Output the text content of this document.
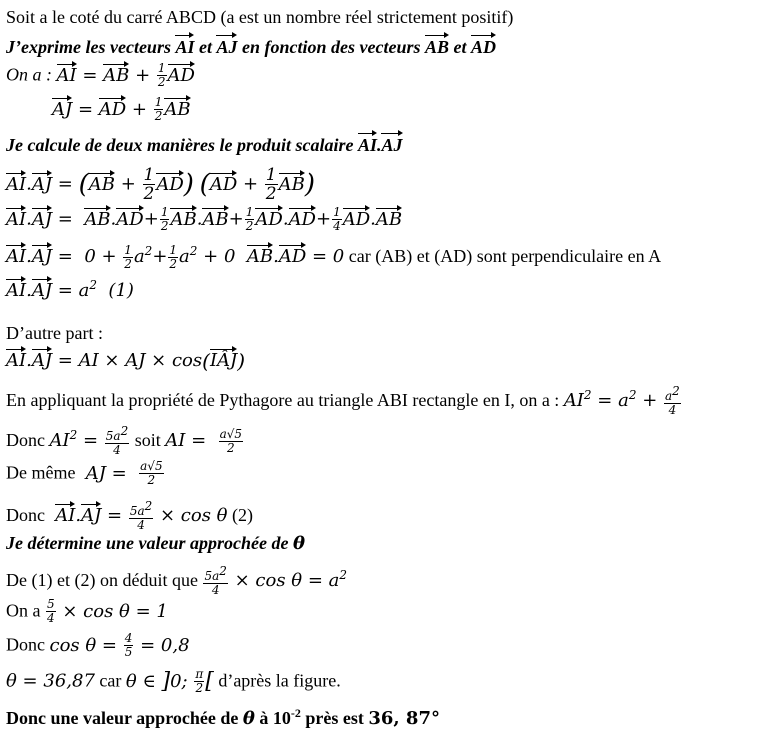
Soit a le coté du carré ABCD (a est un nombre réel strictement positif)
J’exprime les vecteurs AI et AJ en fonction des vecteurs AB et AD
On a : AI = AB + $\frac{1}{2}$ AD
AJ = AD + $\frac{1}{2}$ AB
Je calcule de deux manières le produit scalaire AI.AJ
$AI.AJ = (AB + \frac{1}{2} AD)$ $(AD + \frac{1}{2} AB)$
$AI.AJ = AB.AD+ \frac{1}{2} AB.AB+ \frac{1}{2} AD.AD+ \frac{1}{4} AD.AB$
$AI.AJ = 0 + \frac{1}{2} a^2+ \frac{1}{2} a^2 + 0$ AB.AD = 0 car (AB) et (AD) sont perpendiculaire en A
$AI.AJ = a^2$ (1)
D’autre part :
AI.AJ = AI × AJ × cos(IÂJ)
En appliquant la propriété de Pythagore au triangle ABI rectangle en I, on a : $AI^2 = a^2 + \frac{a^2}{4}$
Donc $AI^2 = \frac{5a^2}{4}$ soit AI = $\frac{a√5}{2}$
De même  AJ = $\frac{a√5}{2}$
Donc  $AI.AJ = \frac{5a^2}{4} \times \cos \theta$ (2)
Je détermine une valeur approchée de θ
De (1) et (2) on déduit que $\frac{5a^2}{4} \times \cos \theta = a^2$
On a $\frac{5}{4} \times \cos \theta = 1$
Donc $\cos \theta = \frac{4}{5} = 0,8$
θ = 36,87 car θ ∈ ]0; $\frac{\pi}{2}$ [ d’après la figure.
Donc une valeur approchée de θ à $10^{-2}$ près est 36, 87°
